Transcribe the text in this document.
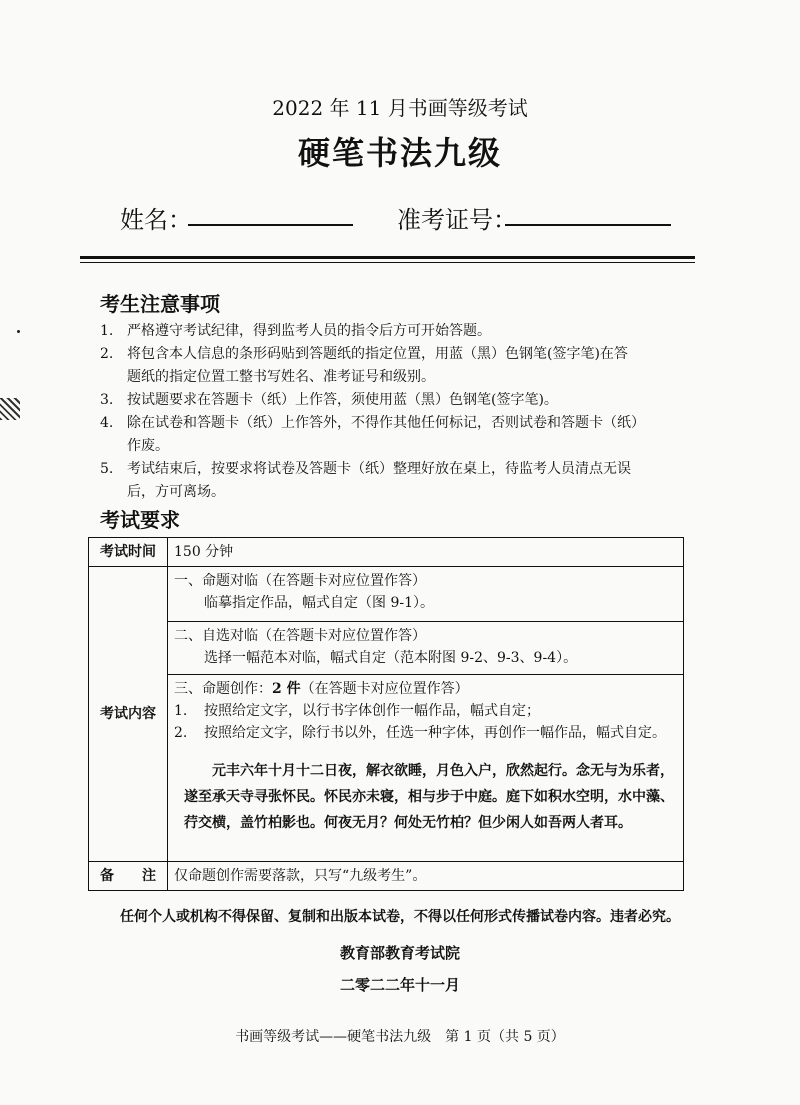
2022 年 11 月书画等级考试
硬笔书法九级
姓名：	准考证号：
考生注意事项
1. 严格遵守考试纪律，得到监考人员的指令后方可开始答题。
2. 将包含本人信息的条形码贴到答题纸的指定位置，用蓝（黑）色钢笔(签字笔)在答
题纸的指定位置工整书写姓名、准考证号和级别。
3. 按试题要求在答题卡（纸）上作答，须使用蓝（黑）色钢笔(签字笔)。
4. 除在试卷和答题卡（纸）上作答外，不得作其他任何标记，否则试卷和答题卡（纸）
作废。
5. 考试结束后，按要求将试卷及答题卡（纸）整理好放在桌上，待监考人员清点无误
后，方可离场。
考试要求
考试时间	150 分钟
考试内容	一、命题对临（在答题卡对应位置作答）
临摹指定作品，幅式自定（图 9-1）。

	二、自选对临（在答题卡对应位置作答）
选择一幅范本对临，幅式自定（范本附图 9-2、9-3、9-4）。

	三、命题创作：2 件（在答题卡对应位置作答）
1. 按照给定文字，以行书字体创作一幅作品，幅式自定；
2. 按照给定文字，除行书以外，任选一种字体，再创作一幅作品，幅式自定。
元丰六年十月十二日夜，解衣欲睡，月色入户，欣然起行。念无与为乐者，遂至承天寺寻张怀民。怀民亦未寝，相与步于中庭。庭下如积水空明，水中藻、荇交横，盖竹柏影也。何夜无月？何处无竹柏？但少闲人如吾两人者耳。

备　　注	仅命题创作需要落款，只写“九级考生”。
任何个人或机构不得保留、复制和出版本试卷，不得以任何形式传播试卷内容。违者必究。
教育部教育考试院
二零二二年十一月
书画等级考试——硬笔书法九级　第 1 页（共 5 页）
